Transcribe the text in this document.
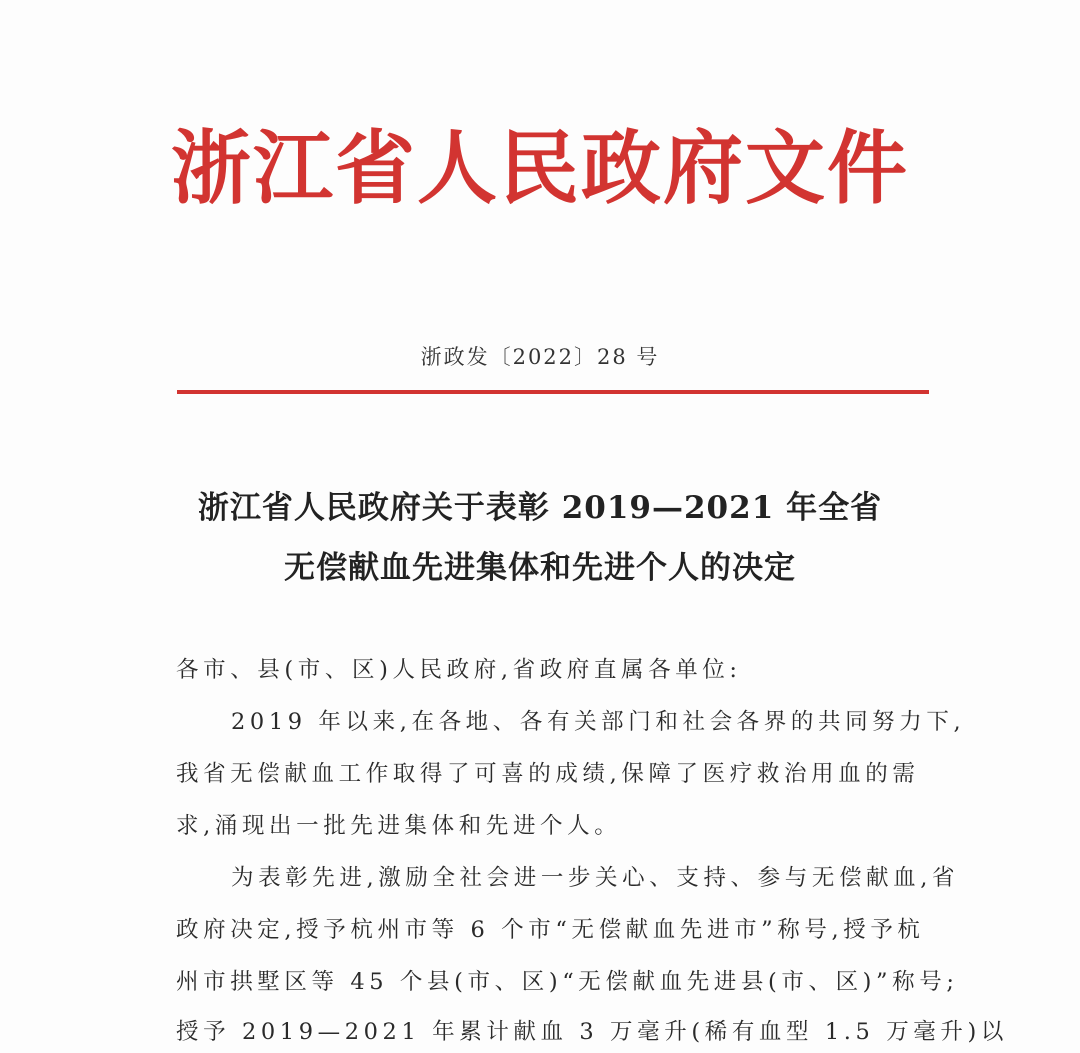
浙江省人民政府文件
浙政发〔2022〕28 号
浙江省人民政府关于表彰 2019—2021 年全省
无偿献血先进集体和先进个人的决定
各市、县(市、区)人民政府,省政府直属各单位:
2019 年以来,在各地、各有关部门和社会各界的共同努力下,
我省无偿献血工作取得了可喜的成绩,保障了医疗救治用血的需
求,涌现出一批先进集体和先进个人。
为表彰先进,激励全社会进一步关心、支持、参与无偿献血,省
政府决定,授予杭州市等 6 个市“无偿献血先进市”称号,授予杭
州市拱墅区等 45 个县(市、区)“无偿献血先进县(市、区)”称号;
授予 2019—2021 年累计献血 3 万毫升(稀有血型 1.5 万毫升)以
